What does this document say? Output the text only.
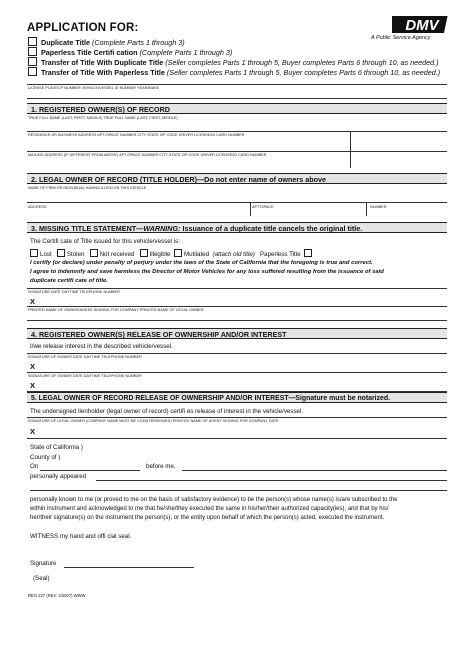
APPLICATION FOR:	DMV
A Public Service Agency
Duplicate Title (Complete Parts 1 through 3)
Paperless Title Certifi cation (Complete Parts 1 through 3)
Transfer of Title With Duplicate Title (Seller completes Parts 1 through 5, Buyer completes Parts 6 through 10, as needed.)
Transfer of Title With Paperless Title (Seller completes Parts 1 through 5, Buyer completes Parts 6 through 10, as needed.)
LICENSE PLATE/CF NUMBER VEHICLE/VESSEL ID NUMBER YEAR/MAKE
1. REGISTERED OWNER(S) OF RECORD
TRUE FULL NAME (LAST, FIRST, MIDDLE) TRUE FULL NAME (LAST, FIRST, MIDDLE)
RESIDENCE OR BUSINESS ADDRESS APT./SPACE NUMBER CITY STATE ZIP CODE DRIVER LICENSE/ID CARD NUMBER
MAILING ADDRESS (IF DIFFERENT FROM ABOVE) APT./SPACE NUMBER CITY STATE ZIP CODE DRIVER LICENSE/ID CARD NUMBER
2. LEGAL OWNER OF RECORD (TITLE HOLDER)—Do not enter name of owners above
NAME OF FIRM OR INDIVIDUAL HAVING A LIEN ON THIS VEHICLE
ADDRESS	APT./SPACE	NUMBER
3. MISSING TITLE STATEMENT—WARNING: Issuance of a duplicate title cancels the original title.
The Certifi cate of Title issued for this vehicle/vessel is:
Lost Stolen Not received Illegible Mutilated (attach old title) Paperless Title
I certify (or declare) under penalty of perjury under the laws of the State of California that the foregoing is true and correct.
I agree to indemnify and save harmless the Director of Motor Vehicles for any loss suffered resulting from the issuance of said
duplicate certifi cate of title.
SIGNATURE DATE DAYTIME TELEPHONE NUMBER
X
PRINTED NAME OF OWNER/AGENT SIGNING FOR COMPANY PRINTED NAME OF LEGAL OWNER
4. REGISTERED OWNER(S) RELEASE OF OWNERSHIP AND/OR INTEREST
I/we release interest in the described vehicle/vessel.
SIGNATURE OF OWNER DATE DAYTIME TELEPHONE NUMBER
X
SIGNATURE OF OWNER DATE DAYTIME TELEPHONE NUMBER
X
5. LEGAL OWNER OF RECORD RELEASE OF OWNERSHIP AND/OR INTEREST—Signature must be notarized.
The undersigned lienholder (legal owner of record) certifi es release of interest in the vehicle/vessel.
SIGNATURE OF LEGAL OWNER (COMPANY NAME MUST BE COUNTERSIGNED) PRINTED NAME OF AGENT SIGNING FOR COMPANY DATE
X
State of California )
County of )
On	before me,
personally appeared
personally known to me (or proved to me on the basis of satisfactory evidence) to be the person(s) whose name(s) is/are subscribed to the
within instrument and acknowledged to me that he/she/they executed the same in his/her/their authorized capacity(ies), and that by his/
her/their signature(s) on the instrument the person(s), or the entity upon behalf of which the person(s) acted, executed the instrument.
WITNESS my hand and offi cial seal.
Signature
(Seal)
REG 227 (REV. 2/2007) WWW
